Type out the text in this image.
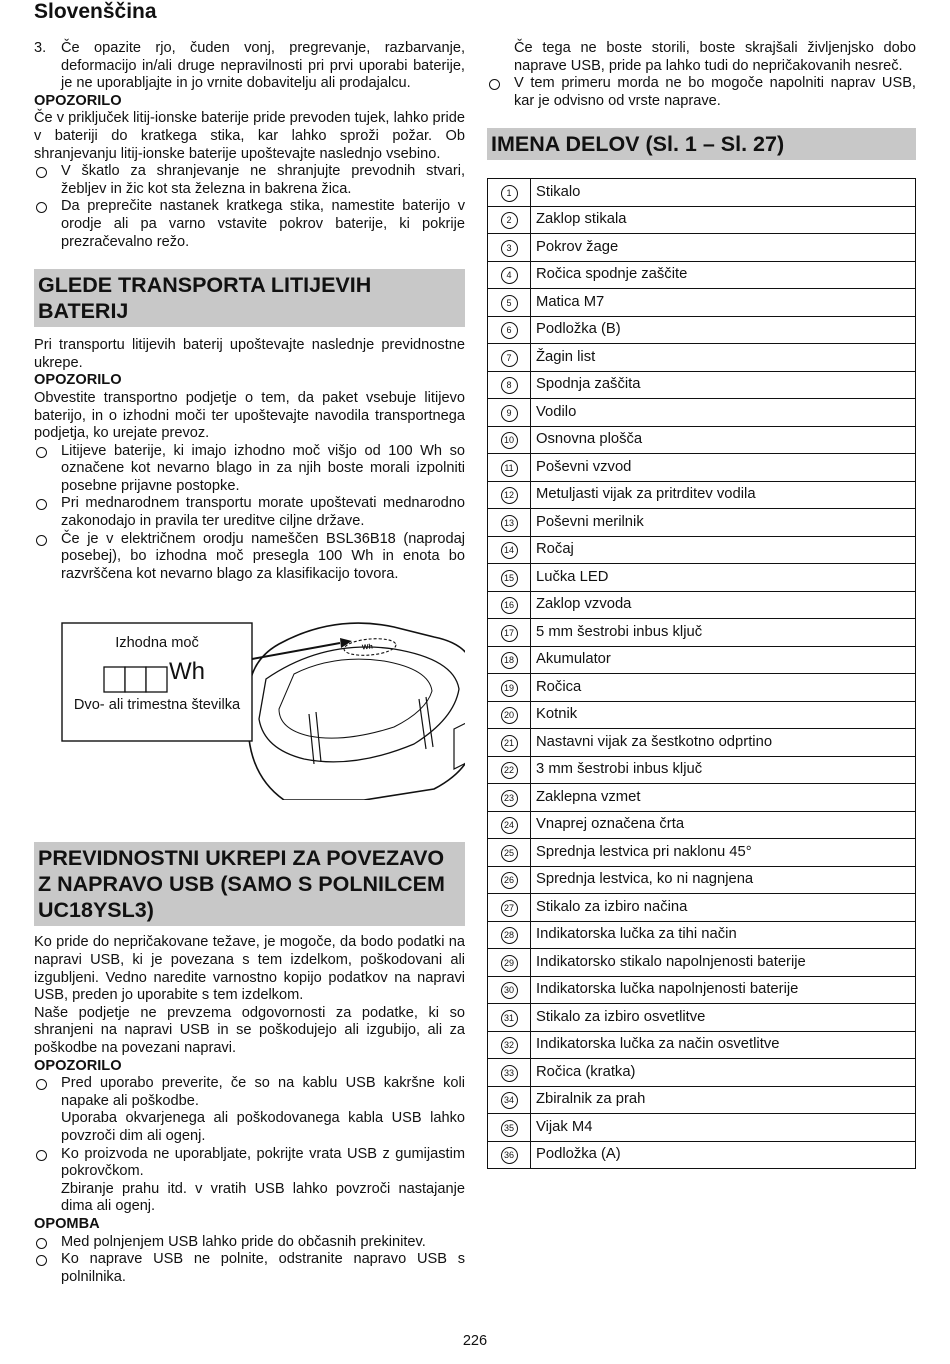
Slovenščina
3. Če opazite rjo, čuden vonj, pregrevanje, razbarvanje, deformacijo in/ali druge nepravilnosti pri prvi uporabi baterije, je ne uporabljajte in jo vrnite dobavitelju ali prodajalcu.

OPOZORILO

Če v priključek litij-ionske baterije pride prevoden tujek, lahko pride v bateriji do kratkega stika, kar lahko sproži požar. Ob shranjevanju litij-ionske baterije upoštevajte naslednjo vsebino.

V škatlo za shranjevanje ne shranjujte prevodnih stvari, žebljev in žic kot sta železna in bakrena žica.
Da preprečite nastanek kratkega stika, namestite baterijo v orodje ali pa varno vstavite pokrov baterije, ki pokrije prezračevalno režo.
GLEDE TRANSPORTA LITIJEVIH BATERIJ

Pri transportu litijevih baterij upoštevajte naslednje previdnostne ukrepe.

OPOZORILO

Obvestite transportno podjetje o tem, da paket vsebuje litijevo baterijo, in o izhodni moči ter upoštevajte navodila transportnega podjetja, ko urejate prevoz.

Litijeve baterije, ki imajo izhodno moč višjo od 100 Wh so označene kot nevarno blago in za njih boste morali izpolniti posebne prijavne postopke.
Pri mednarodnem transportu morate upoštevati mednarodno zakonodajo in pravila ter ureditve ciljne države.
Če je v električnem orodju nameščen BSL36B18 (naprodaj posebej), bo izhodna moč presegla 100 Wh in enota bo razvrščena kot nevarno blago za klasifikacijo tovora.
Izhodna moč
Wh
Dvo- ali trimestna številka
Wh
PREVIDNOSTNI UKREPI ZA POVEZAVO Z NAPRAVO USB (SAMO S POLNILCEM UC18YSL3)

Ko pride do nepričakovane težave, je mogoče, da bodo podatki na napravi USB, ki je povezana s tem izdelkom, poškodovani ali izgubljeni. Vedno naredite varnostno kopijo podatkov na napravi USB, preden jo uporabite s tem izdelkom.

Naše podjetje ne prevzema odgovornosti za podatke, ki so shranjeni na napravi USB in se poškodujejo ali izgubijo, ali za poškodbe na povezani napravi.

OPOZORILO

Pred uporabo preverite, če so na kablu USB kakršne koli napake ali poškodbe.
Uporaba okvarjenega ali poškodovanega kabla USB lahko povzroči dim ali ogenj.
Ko proizvoda ne uporabljate, pokrijte vrata USB z gumijastim pokrovčkom.
Zbiranje prahu itd. v vratih USB lahko povzroči nastajanje dima ali ogenj.

OPOMBA

Med polnjenjem USB lahko pride do občasnih prekinitev.
Ko naprave USB ne polnite, odstranite napravo USB s polnilnika.
Če tega ne boste storili, boste skrajšali življenjsko dobo naprave USB, pride pa lahko tudi do nepričakovanih nesreč.
V tem primeru morda ne bo mogoče napolniti naprav USB, kar je odvisno od vrste naprave.
IMENA DELOV (Sl. 1 – Sl. 27)
1	Stikalo
2	Zaklop stikala
3	Pokrov žage
4	Ročica spodnje zaščite
5	Matica M7
6	Podložka (B)
7	Žagin list
8	Spodnja zaščita
9	Vodilo
10	Osnovna plošča
11	Poševni vzvod
12	Metuljasti vijak za pritrditev vodila
13	Poševni merilnik
14	Ročaj
15	Lučka LED
16	Zaklop vzvoda
17	5 mm šestrobi inbus ključ
18	Akumulator
19	Ročica
20	Kotnik
21	Nastavni vijak za šestkotno odprtino
22	3 mm šestrobi inbus ključ
23	Zaklepna vzmet
24	Vnaprej označena črta
25	Sprednja lestvica pri naklonu 45°
26	Sprednja lestvica, ko ni nagnjena
27	Stikalo za izbiro načina
28	Indikatorska lučka za tihi način
29	Indikatorsko stikalo napolnjenosti baterije
30	Indikatorska lučka napolnjenosti baterije
31	Stikalo za izbiro osvetlitve
32	Indikatorska lučka za način osvetlitve
33	Ročica (kratka)
34	Zbiralnik za prah
35	Vijak M4
36	Podložka (A)
226
